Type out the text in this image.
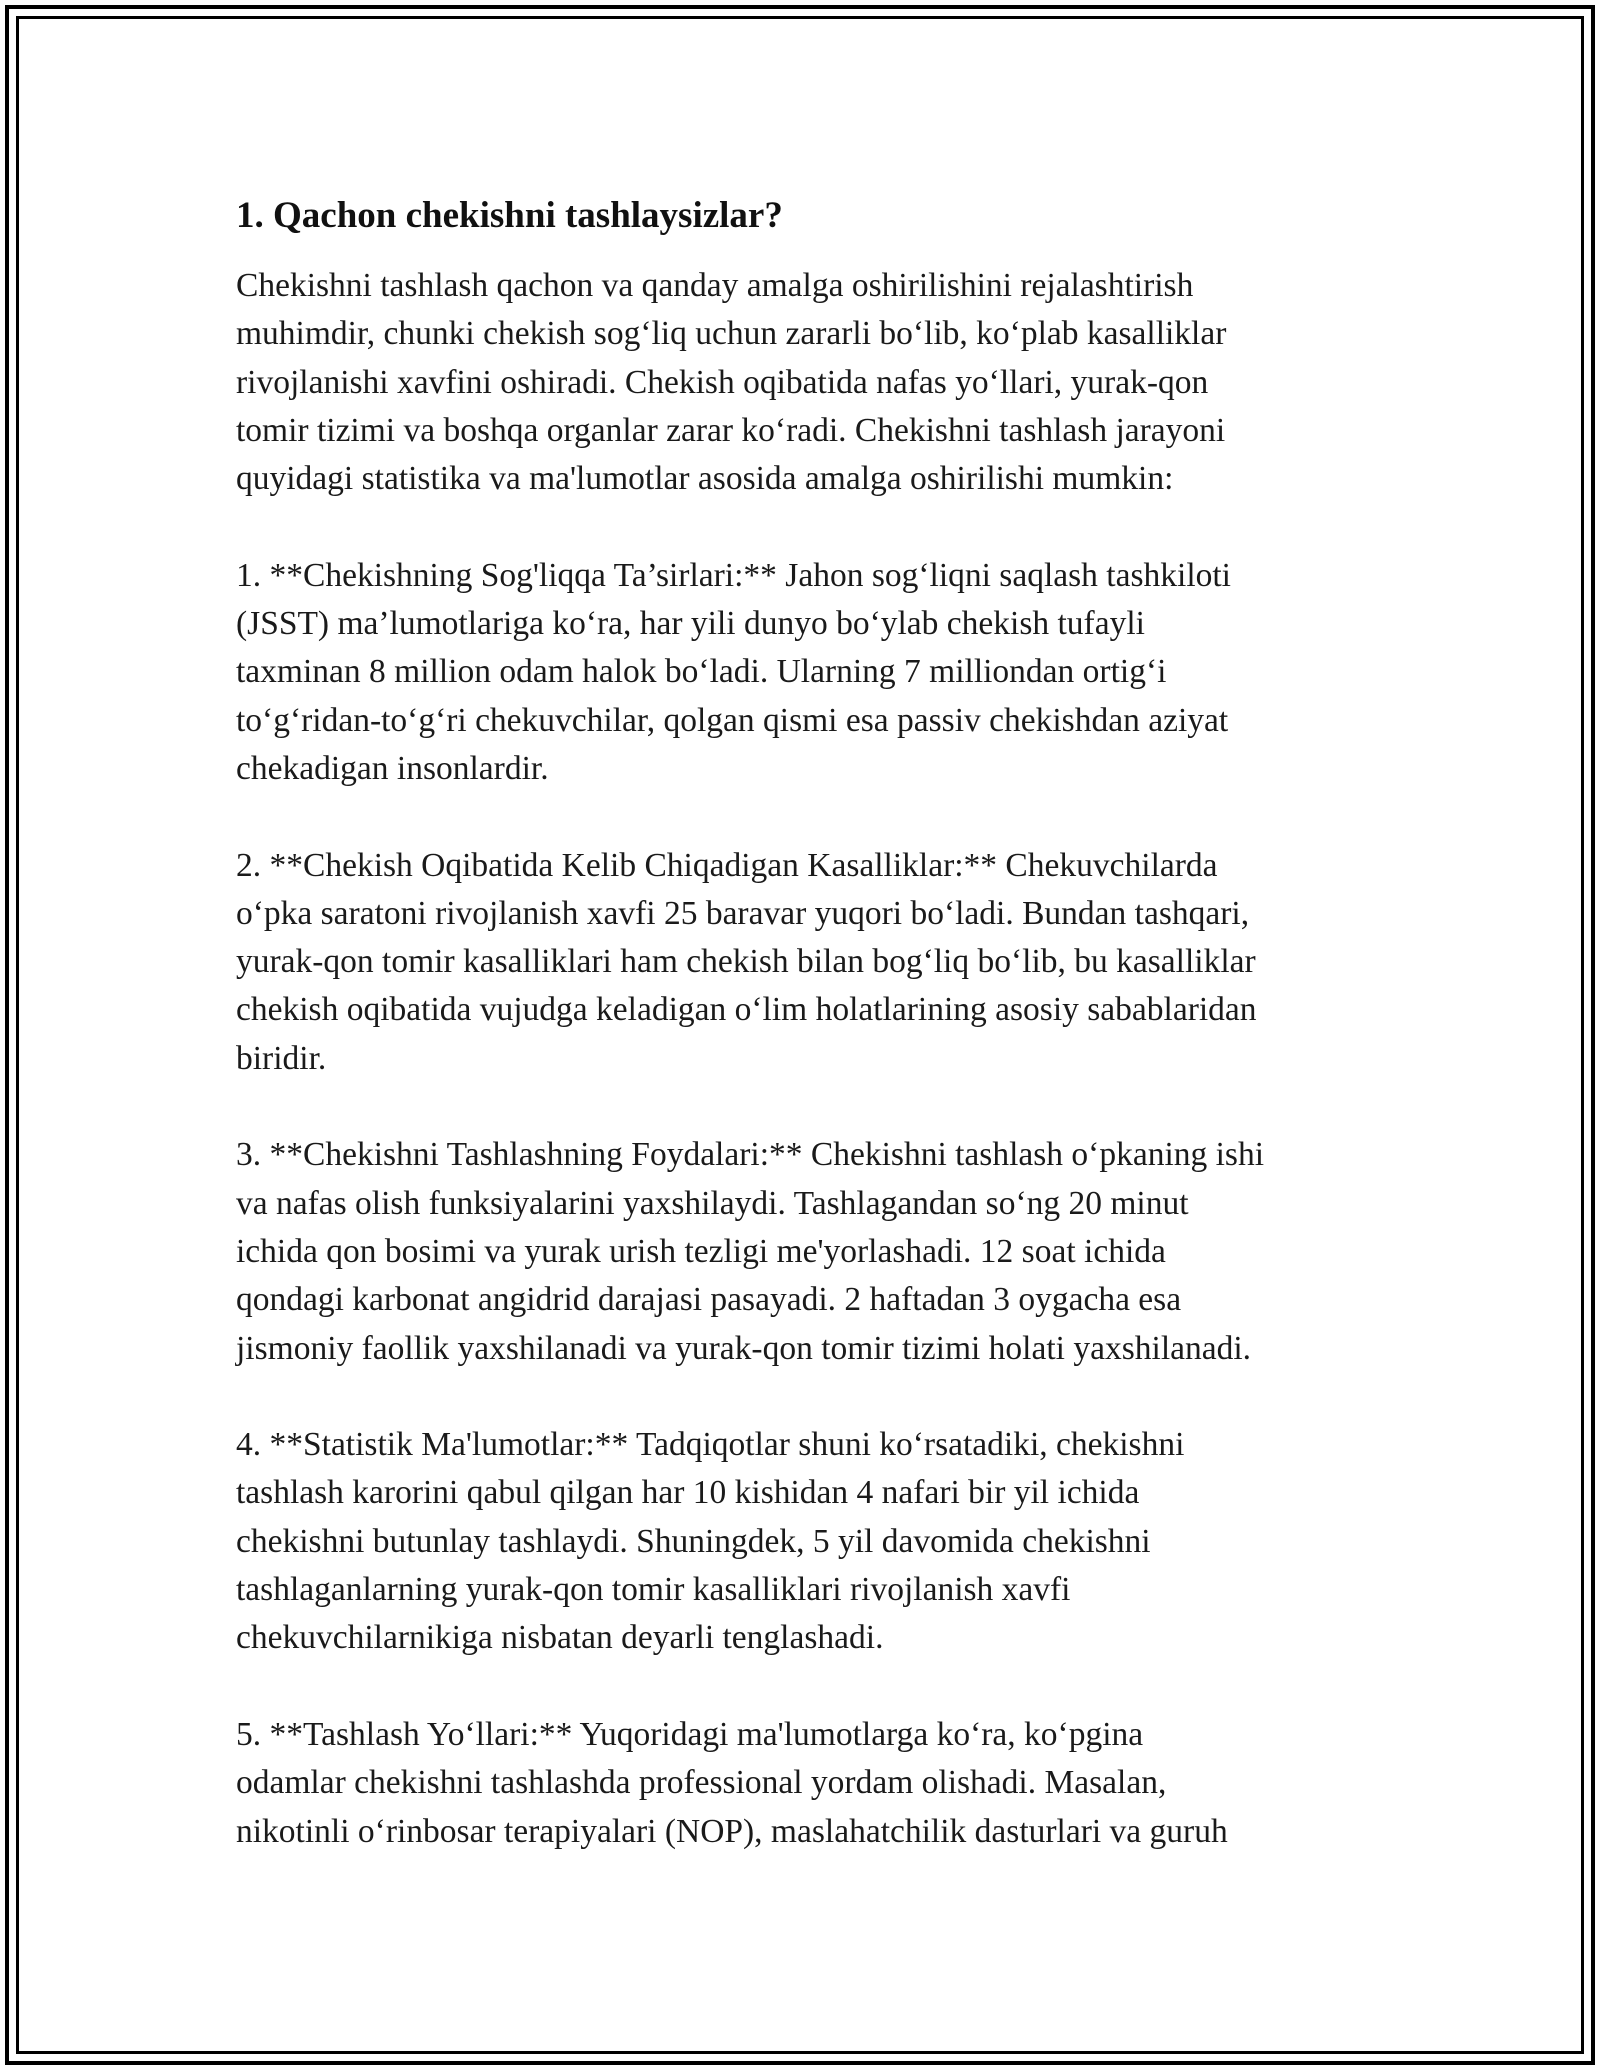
1. Qachon chekishni tashlaysizlar?
Chekishni tashlash qachon va qanday amalga oshirilishini rejalashtirish
muhimdir, chunki chekish sog‘liq uchun zararli bo‘lib, ko‘plab kasalliklar
rivojlanishi xavfini oshiradi. Chekish oqibatida nafas yo‘llari, yurak-qon
tomir tizimi va boshqa organlar zarar ko‘radi. Chekishni tashlash jarayoni
quyidagi statistika va ma'lumotlar asosida amalga oshirilishi mumkin:
1. **Chekishning Sog'liqqa Ta’sirlari:** Jahon sog‘liqni saqlash tashkiloti
(JSST) ma’lumotlariga ko‘ra, har yili dunyo bo‘ylab chekish tufayli
taxminan 8 million odam halok bo‘ladi. Ularning 7 milliondan ortig‘i
to‘g‘ridan-to‘g‘ri chekuvchilar, qolgan qismi esa passiv chekishdan aziyat
chekadigan insonlardir.
2. **Chekish Oqibatida Kelib Chiqadigan Kasalliklar:** Chekuvchilarda
o‘pka saratoni rivojlanish xavfi 25 baravar yuqori bo‘ladi. Bundan tashqari,
yurak-qon tomir kasalliklari ham chekish bilan bog‘liq bo‘lib, bu kasalliklar
chekish oqibatida vujudga keladigan o‘lim holatlarining asosiy sabablaridan
biridir.
3. **Chekishni Tashlashning Foydalari:** Chekishni tashlash o‘pkaning ishi
va nafas olish funksiyalarini yaxshilaydi. Tashlagandan so‘ng 20 minut
ichida qon bosimi va yurak urish tezligi me'yorlashadi. 12 soat ichida
qondagi karbonat angidrid darajasi pasayadi. 2 haftadan 3 oygacha esa
jismoniy faollik yaxshilanadi va yurak-qon tomir tizimi holati yaxshilanadi.
4. **Statistik Ma'lumotlar:** Tadqiqotlar shuni ko‘rsatadiki, chekishni
tashlash karorini qabul qilgan har 10 kishidan 4 nafari bir yil ichida
chekishni butunlay tashlaydi. Shuningdek, 5 yil davomida chekishni
tashlaganlarning yurak-qon tomir kasalliklari rivojlanish xavfi
chekuvchilarnikiga nisbatan deyarli tenglashadi.
5. **Tashlash Yo‘llari:** Yuqoridagi ma'lumotlarga ko‘ra, ko‘pgina
odamlar chekishni tashlashda professional yordam olishadi. Masalan,
nikotinli o‘rinbosar terapiyalari (NOP), maslahatchilik dasturlari va guruh
